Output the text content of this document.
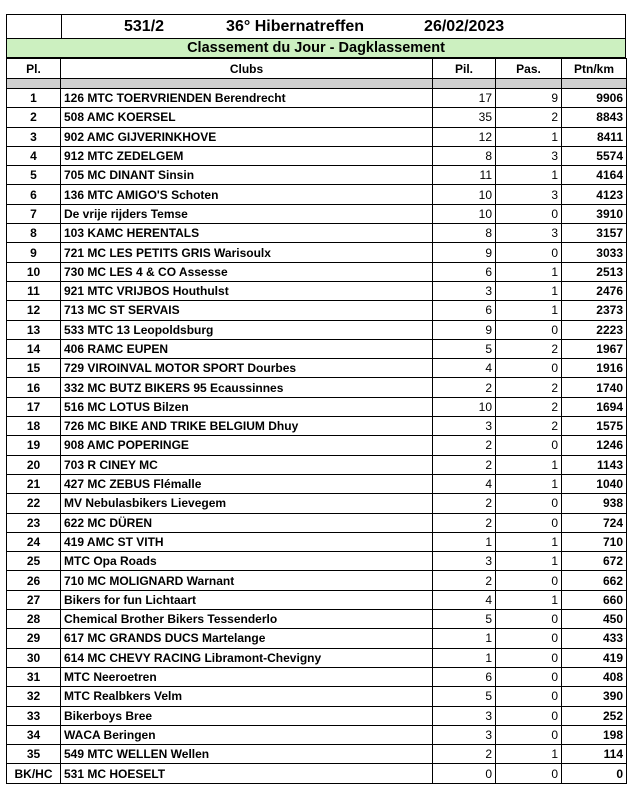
531/2	36° Hibernatreffen	26/02/2023
Classement du Jour - Dagklassement
Pl.	Clubs	Pil.	Pas.	Ptn/km

1	126 MTC TOERVRIENDEN Berendrecht	17	9	9906
2	508 AMC KOERSEL	35	2	8843
3	902 AMC GIJVERINKHOVE	12	1	8411
4	912 MTC ZEDELGEM	8	3	5574
5	705 MC DINANT Sinsin	11	1	4164
6	136 MTC AMIGO'S Schoten	10	3	4123
7	De vrije rijders Temse	10	0	3910
8	103 KAMC HERENTALS	8	3	3157
9	721 MC LES PETITS GRIS Warisoulx	9	0	3033
10	730 MC LES 4 & CO Assesse	6	1	2513
11	921 MTC VRIJBOS Houthulst	3	1	2476
12	713 MC ST SERVAIS	6	1	2373
13	533 MTC 13 Leopoldsburg	9	0	2223
14	406 RAMC EUPEN	5	2	1967
15	729 VIROINVAL MOTOR SPORT Dourbes	4	0	1916
16	332 MC BUTZ BIKERS 95 Ecaussinnes	2	2	1740
17	516 MC LOTUS Bilzen	10	2	1694
18	726 MC BIKE AND TRIKE BELGIUM Dhuy	3	2	1575
19	908 AMC POPERINGE	2	0	1246
20	703 R CINEY MC	2	1	1143
21	427 MC ZEBUS Flémalle	4	1	1040
22	MV Nebulasbikers Lievegem	2	0	938
23	622 MC DÜREN	2	0	724
24	419 AMC ST VITH	1	1	710
25	MTC Opa Roads	3	1	672
26	710 MC MOLIGNARD Warnant	2	0	662
27	Bikers for fun Lichtaart	4	1	660
28	Chemical Brother Bikers Tessenderlo	5	0	450
29	617 MC GRANDS DUCS Martelange	1	0	433
30	614 MC CHEVY RACING Libramont-Chevigny	1	0	419
31	MTC Neeroetren	6	0	408
32	MTC Realbkers Velm	5	0	390
33	Bikerboys Bree	3	0	252
34	WACA Beringen	3	0	198
35	549 MTC WELLEN Wellen	2	1	114
BK/HC	531 MC HOESELT	0	0	0
